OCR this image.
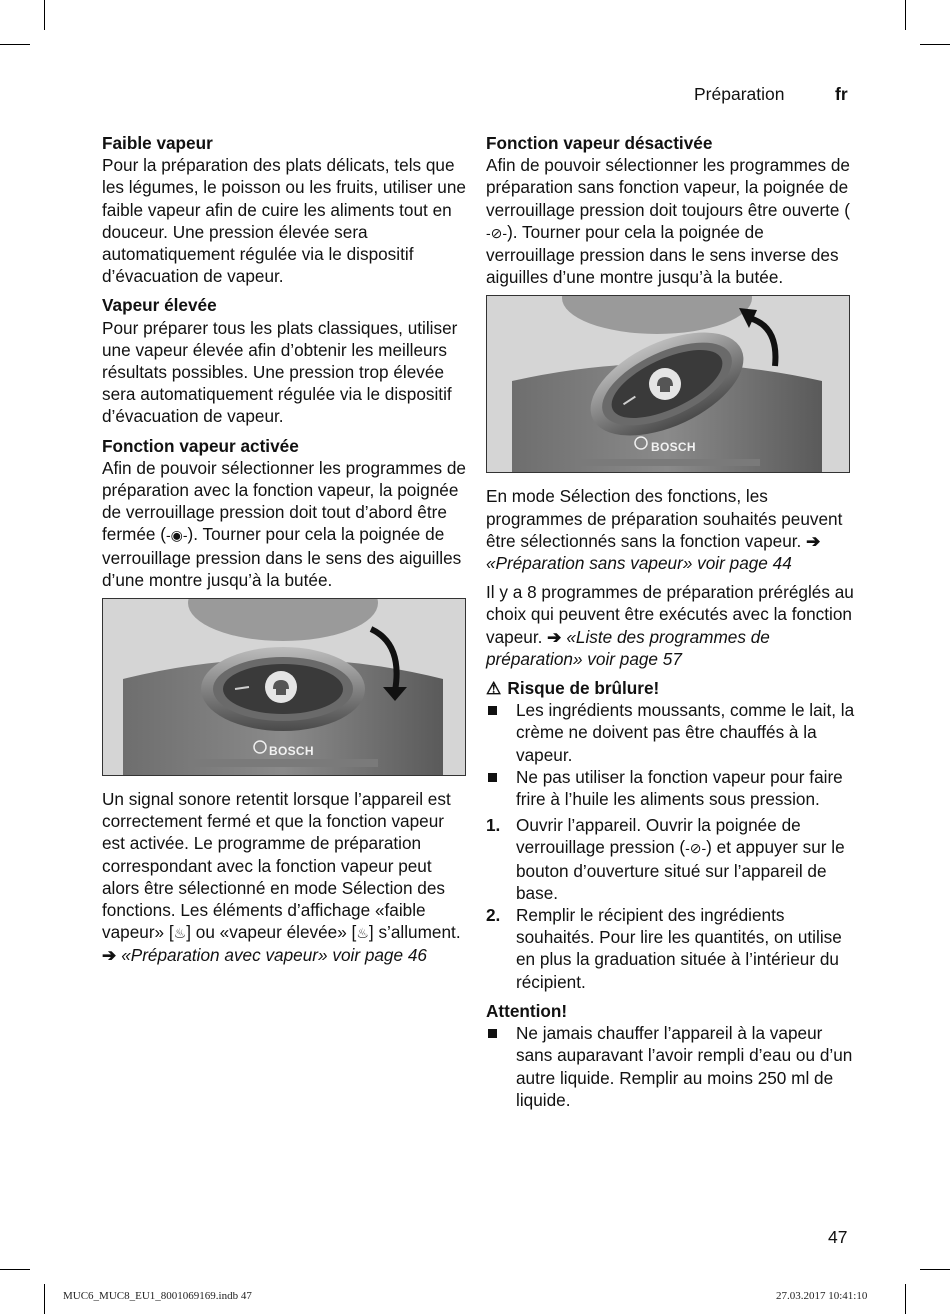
Préparation	fr
Faible vapeur

Pour la préparation des plats délicats, tels que les légumes, le poisson ou les fruits, utiliser une faible vapeur afin de cuire les aliments tout en douceur. Une pression élevée sera automatiquement régulée via le dispositif d’évacuation de vapeur.

Vapeur élevée

Pour préparer tous les plats classiques, utiliser une vapeur élevée afin d’obtenir les meilleurs résultats possibles. Une pression trop élevée sera automatiquement régulée via le dispositif d’évacuation de vapeur.

Fonction vapeur activée

Afin de pouvoir sélectionner les programmes de préparation avec la fonction vapeur, la poignée de verrouillage pression doit tout d’abord être fermée (-◉-). Tourner pour cela la poignée de verrouillage pression dans le sens des aiguilles d’une montre jusqu’à la butée.

BOSCH

Un signal sonore retentit lorsque l’appareil est correctement fermé et que la fonction vapeur est activée. Le programme de préparation correspondant avec la fonction vapeur peut alors être sélectionné en mode Sélection des fonctions. Les éléments d’affichage «faible vapeur» [♨] ou «vapeur élevée» [♨] s’allument.
➔ «Préparation avec vapeur» voir page 46

Fonction vapeur désactivée

Afin de pouvoir sélectionner les programmes de préparation sans fonction vapeur, la poignée de verrouillage pression doit toujours être ouverte (-⊘-). Tourner pour cela la poignée de verrouillage pression dans le sens inverse des aiguilles d’une montre jusqu’à la butée.

BOSCH

En mode Sélection des fonctions, les programmes de préparation souhaités peuvent être sélectionnés sans la fonction vapeur. ➔ «Préparation sans vapeur» voir page 44

Il y a 8 programmes de préparation préréglés au choix qui peuvent être exécutés avec la fonction vapeur. ➔ «Liste des programmes de préparation» voir page 57

⚠ Risque de brûlure!
Les ingrédients moussants, comme le lait, la crème ne doivent pas être chauffés à la vapeur.
Ne pas utiliser la fonction vapeur pour faire frire à l’huile les aliments sous pression.
1. Ouvrir l’appareil. Ouvrir la poignée de verrouillage pression (-⊘-) et appuyer sur le bouton d’ouverture situé sur l’appareil de base.
2. Remplir le récipient des ingrédients souhaités. Pour lire les quantités, on utilise en plus la graduation située à l’intérieur du récipient.
Attention!
Ne jamais chauffer l’appareil à la vapeur sans auparavant l’avoir rempli d’eau ou d’un autre liquide. Remplir au moins 250 ml de liquide.
47
MUC6_MUC8_EU1_8001069169.indb 47	27.03.2017 10:41:10
